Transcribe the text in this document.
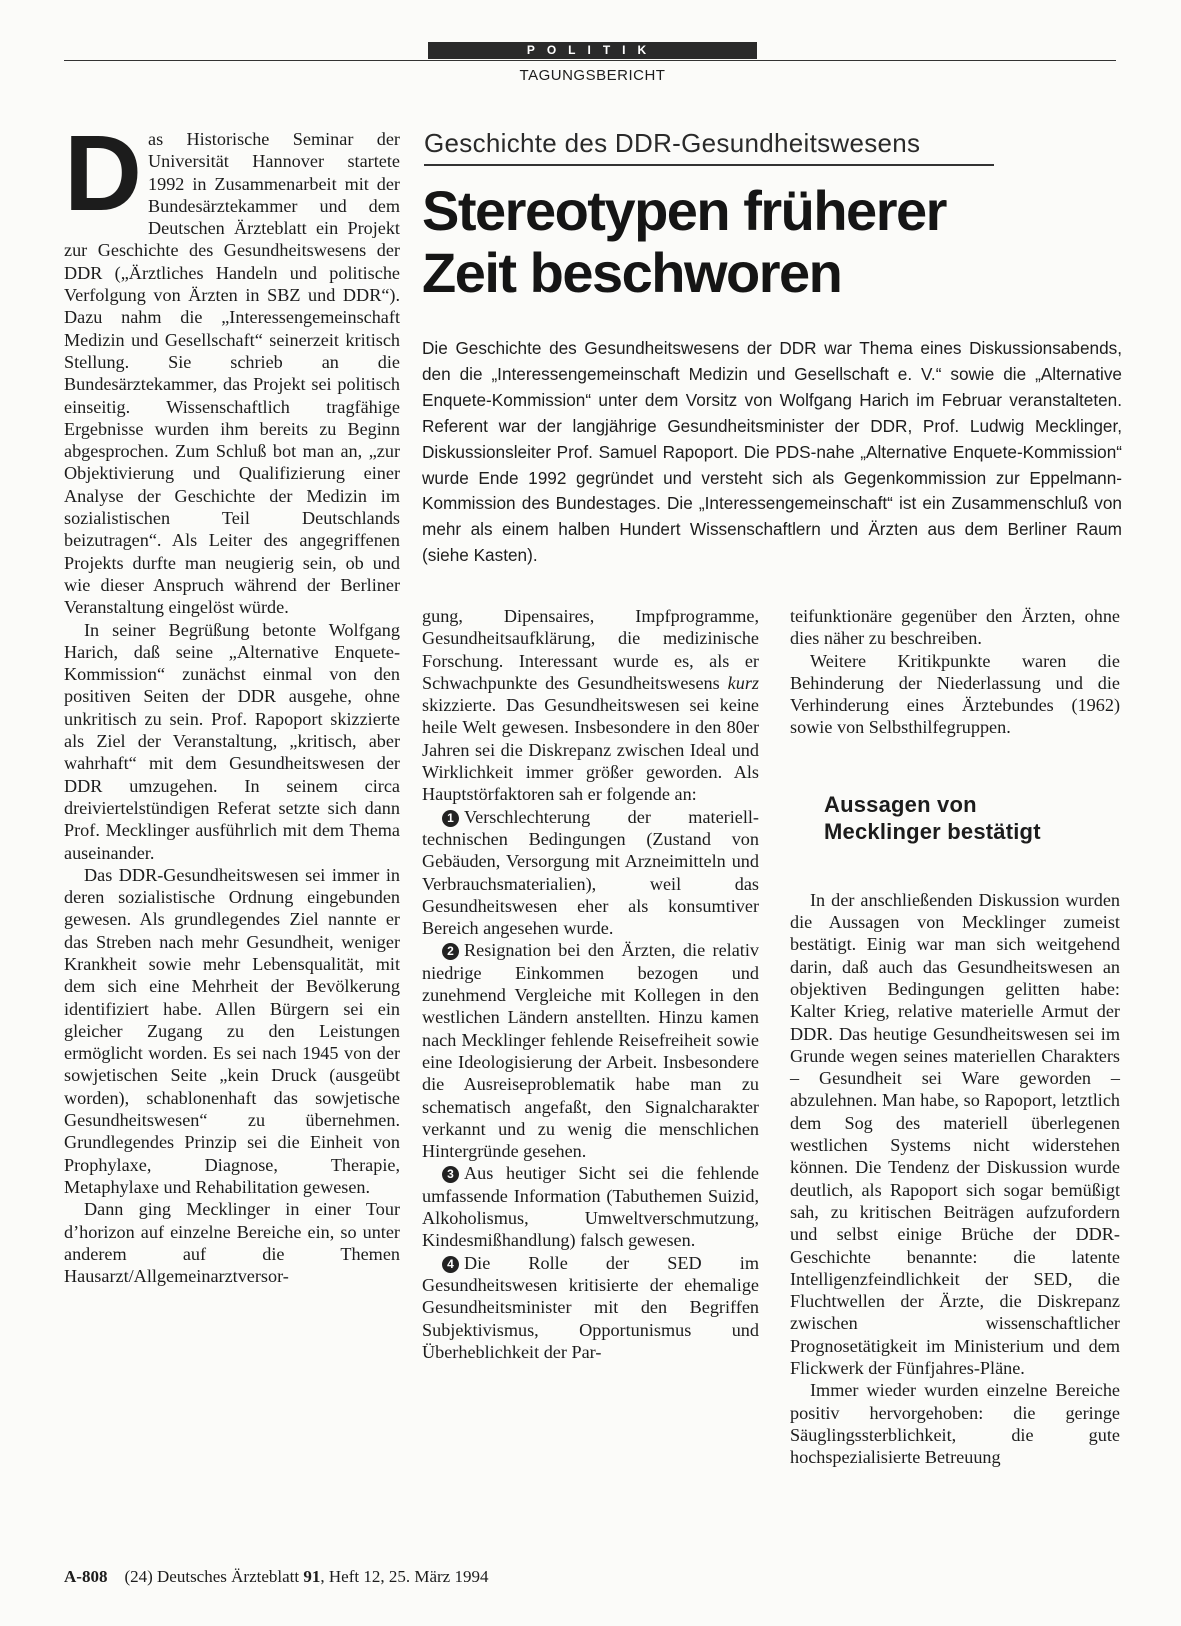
POLITIK
TAGUNGSBERICHT

Das Historische Seminar der Universität Hannover startete 1992 in Zusammenarbeit mit der Bundesärztekammer und dem Deutschen Ärzteblatt ein Projekt zur Geschichte des Gesundheitswesens der DDR („Ärztliches Handeln und politische Verfolgung von Ärzten in SBZ und DDR“). Dazu nahm die „Interessengemeinschaft Medizin und Gesellschaft“ seinerzeit kritisch Stellung. Sie schrieb an die Bundesärztekammer, das Projekt sei politisch einseitig. Wissenschaftlich tragfähige Ergebnisse wurden ihm bereits zu Beginn abgesprochen. Zum Schluß bot man an, „zur Objektivierung und Qualifizierung einer Analyse der Geschichte der Medizin im sozialistischen Teil Deutschlands beizutragen“. Als Leiter des angegriffenen Projekts durfte man neugierig sein, ob und wie dieser Anspruch während der Berliner Veranstaltung eingelöst würde.

In seiner Begrüßung betonte Wolfgang Harich, daß seine „Alternative Enquete-Kommission“ zunächst einmal von den positiven Seiten der DDR ausgehe, ohne unkritisch zu sein. Prof. Rapoport skizzierte als Ziel der Veranstaltung, „kritisch, aber wahrhaft“ mit dem Gesundheitswesen der DDR umzugehen. In seinem circa dreiviertelstündigen Referat setzte sich dann Prof. Mecklinger ausführlich mit dem Thema auseinander.

Das DDR-Gesundheitswesen sei immer in deren sozialistische Ordnung eingebunden gewesen. Als grundlegendes Ziel nannte er das Streben nach mehr Gesundheit, weniger Krankheit sowie mehr Lebensqualität, mit dem sich eine Mehrheit der Bevölkerung identifiziert habe. Allen Bürgern sei ein gleicher Zugang zu den Leistungen ermöglicht worden. Es sei nach 1945 von der sowjetischen Seite „kein Druck (ausgeübt worden), schablonenhaft das sowjetische Gesundheitswesen“ zu übernehmen. Grundlegendes Prinzip sei die Einheit von Prophylaxe, Diagnose, Therapie, Metaphylaxe und Rehabilitation gewesen.

Dann ging Mecklinger in einer Tour d’horizon auf einzelne Bereiche ein, so unter anderem auf die Themen Hausarzt/Allgemeinarztversor-

Geschichte des DDR-Gesundheitswesens
Stereotypen früherer
Zeit beschworen

Die Geschichte des Gesundheitswesens der DDR war Thema eines Diskussionsabends, den die „Interessengemeinschaft Medizin und Gesellschaft e. V.“ sowie die „Alternative Enquete-Kommission“ unter dem Vorsitz von Wolfgang Harich im Februar veranstalteten. Referent war der langjährige Gesundheitsminister der DDR, Prof. Ludwig Mecklinger, Diskussionsleiter Prof. Samuel Rapoport. Die PDS-nahe „Alternative Enquete-Kommission“ wurde Ende 1992 gegründet und versteht sich als Gegenkommission zur Eppelmann-Kommission des Bundestages. Die „Interessengemeinschaft“ ist ein Zusammenschluß von mehr als einem halben Hundert Wissenschaftlern und Ärzten aus dem Berliner Raum (siehe Kasten).

gung, Dipensaires, Impfprogramme, Gesundheitsaufklärung, die medizinische Forschung. Interessant wurde es, als er Schwachpunkte des Gesundheitswesens kurz skizzierte. Das Gesundheitswesen sei keine heile Welt gewesen. Insbesondere in den 80er Jahren sei die Diskrepanz zwischen Ideal und Wirklichkeit immer größer geworden. Als Hauptstörfaktoren sah er folgende an:

1 Verschlechterung der materiell-technischen Bedingungen (Zustand von Gebäuden, Versorgung mit Arzneimitteln und Verbrauchsmaterialien), weil das Gesundheitswesen eher als konsumtiver Bereich angesehen wurde.

2 Resignation bei den Ärzten, die relativ niedrige Einkommen bezogen und zunehmend Vergleiche mit Kollegen in den westlichen Ländern anstellten. Hinzu kamen nach Mecklinger fehlende Reisefreiheit sowie eine Ideologisierung der Arbeit. Insbesondere die Ausreiseproblematik habe man zu schematisch angefaßt, den Signalcharakter verkannt und zu wenig die menschlichen Hintergründe gesehen.

3 Aus heutiger Sicht sei die fehlende umfassende Information (Tabuthemen Suizid, Alkoholismus, Umweltverschmutzung, Kindesmißhandlung) falsch gewesen.

4 Die Rolle der SED im Gesundheitswesen kritisierte der ehemalige Gesundheitsminister mit den Begriffen Subjektivismus, Opportunismus und Überheblichkeit der Par-

teifunktionäre gegenüber den Ärzten, ohne dies näher zu beschreiben.

Weitere Kritikpunkte waren die Behinderung der Niederlassung und die Verhinderung eines Ärztebundes (1962) sowie von Selbsthilfegruppen.

Aussagen von
Mecklinger bestätigt

In der anschließenden Diskussion wurden die Aussagen von Mecklinger zumeist bestätigt. Einig war man sich weitgehend darin, daß auch das Gesundheitswesen an objektiven Bedingungen gelitten habe: Kalter Krieg, relative materielle Armut der DDR. Das heutige Gesundheitswesen sei im Grunde wegen seines materiellen Charakters – Gesundheit sei Ware geworden – abzulehnen. Man habe, so Rapoport, letztlich dem Sog des materiell überlegenen westlichen Systems nicht widerstehen können. Die Tendenz der Diskussion wurde deutlich, als Rapoport sich sogar bemüßigt sah, zu kritischen Beiträgen aufzufordern und selbst einige Brüche der DDR-Geschichte benannte: die latente Intelligenzfeindlichkeit der SED, die Fluchtwellen der Ärzte, die Diskrepanz zwischen wissenschaftlicher Prognosetätigkeit im Ministerium und dem Flickwerk der Fünfjahres-Pläne.

Immer wieder wurden einzelne Bereiche positiv hervorgehoben: die geringe Säuglingssterblichkeit, die gute hochspezialisierte Betreuung

A-808 (24) Deutsches Ärzteblatt 91, Heft 12, 25. März 1994
